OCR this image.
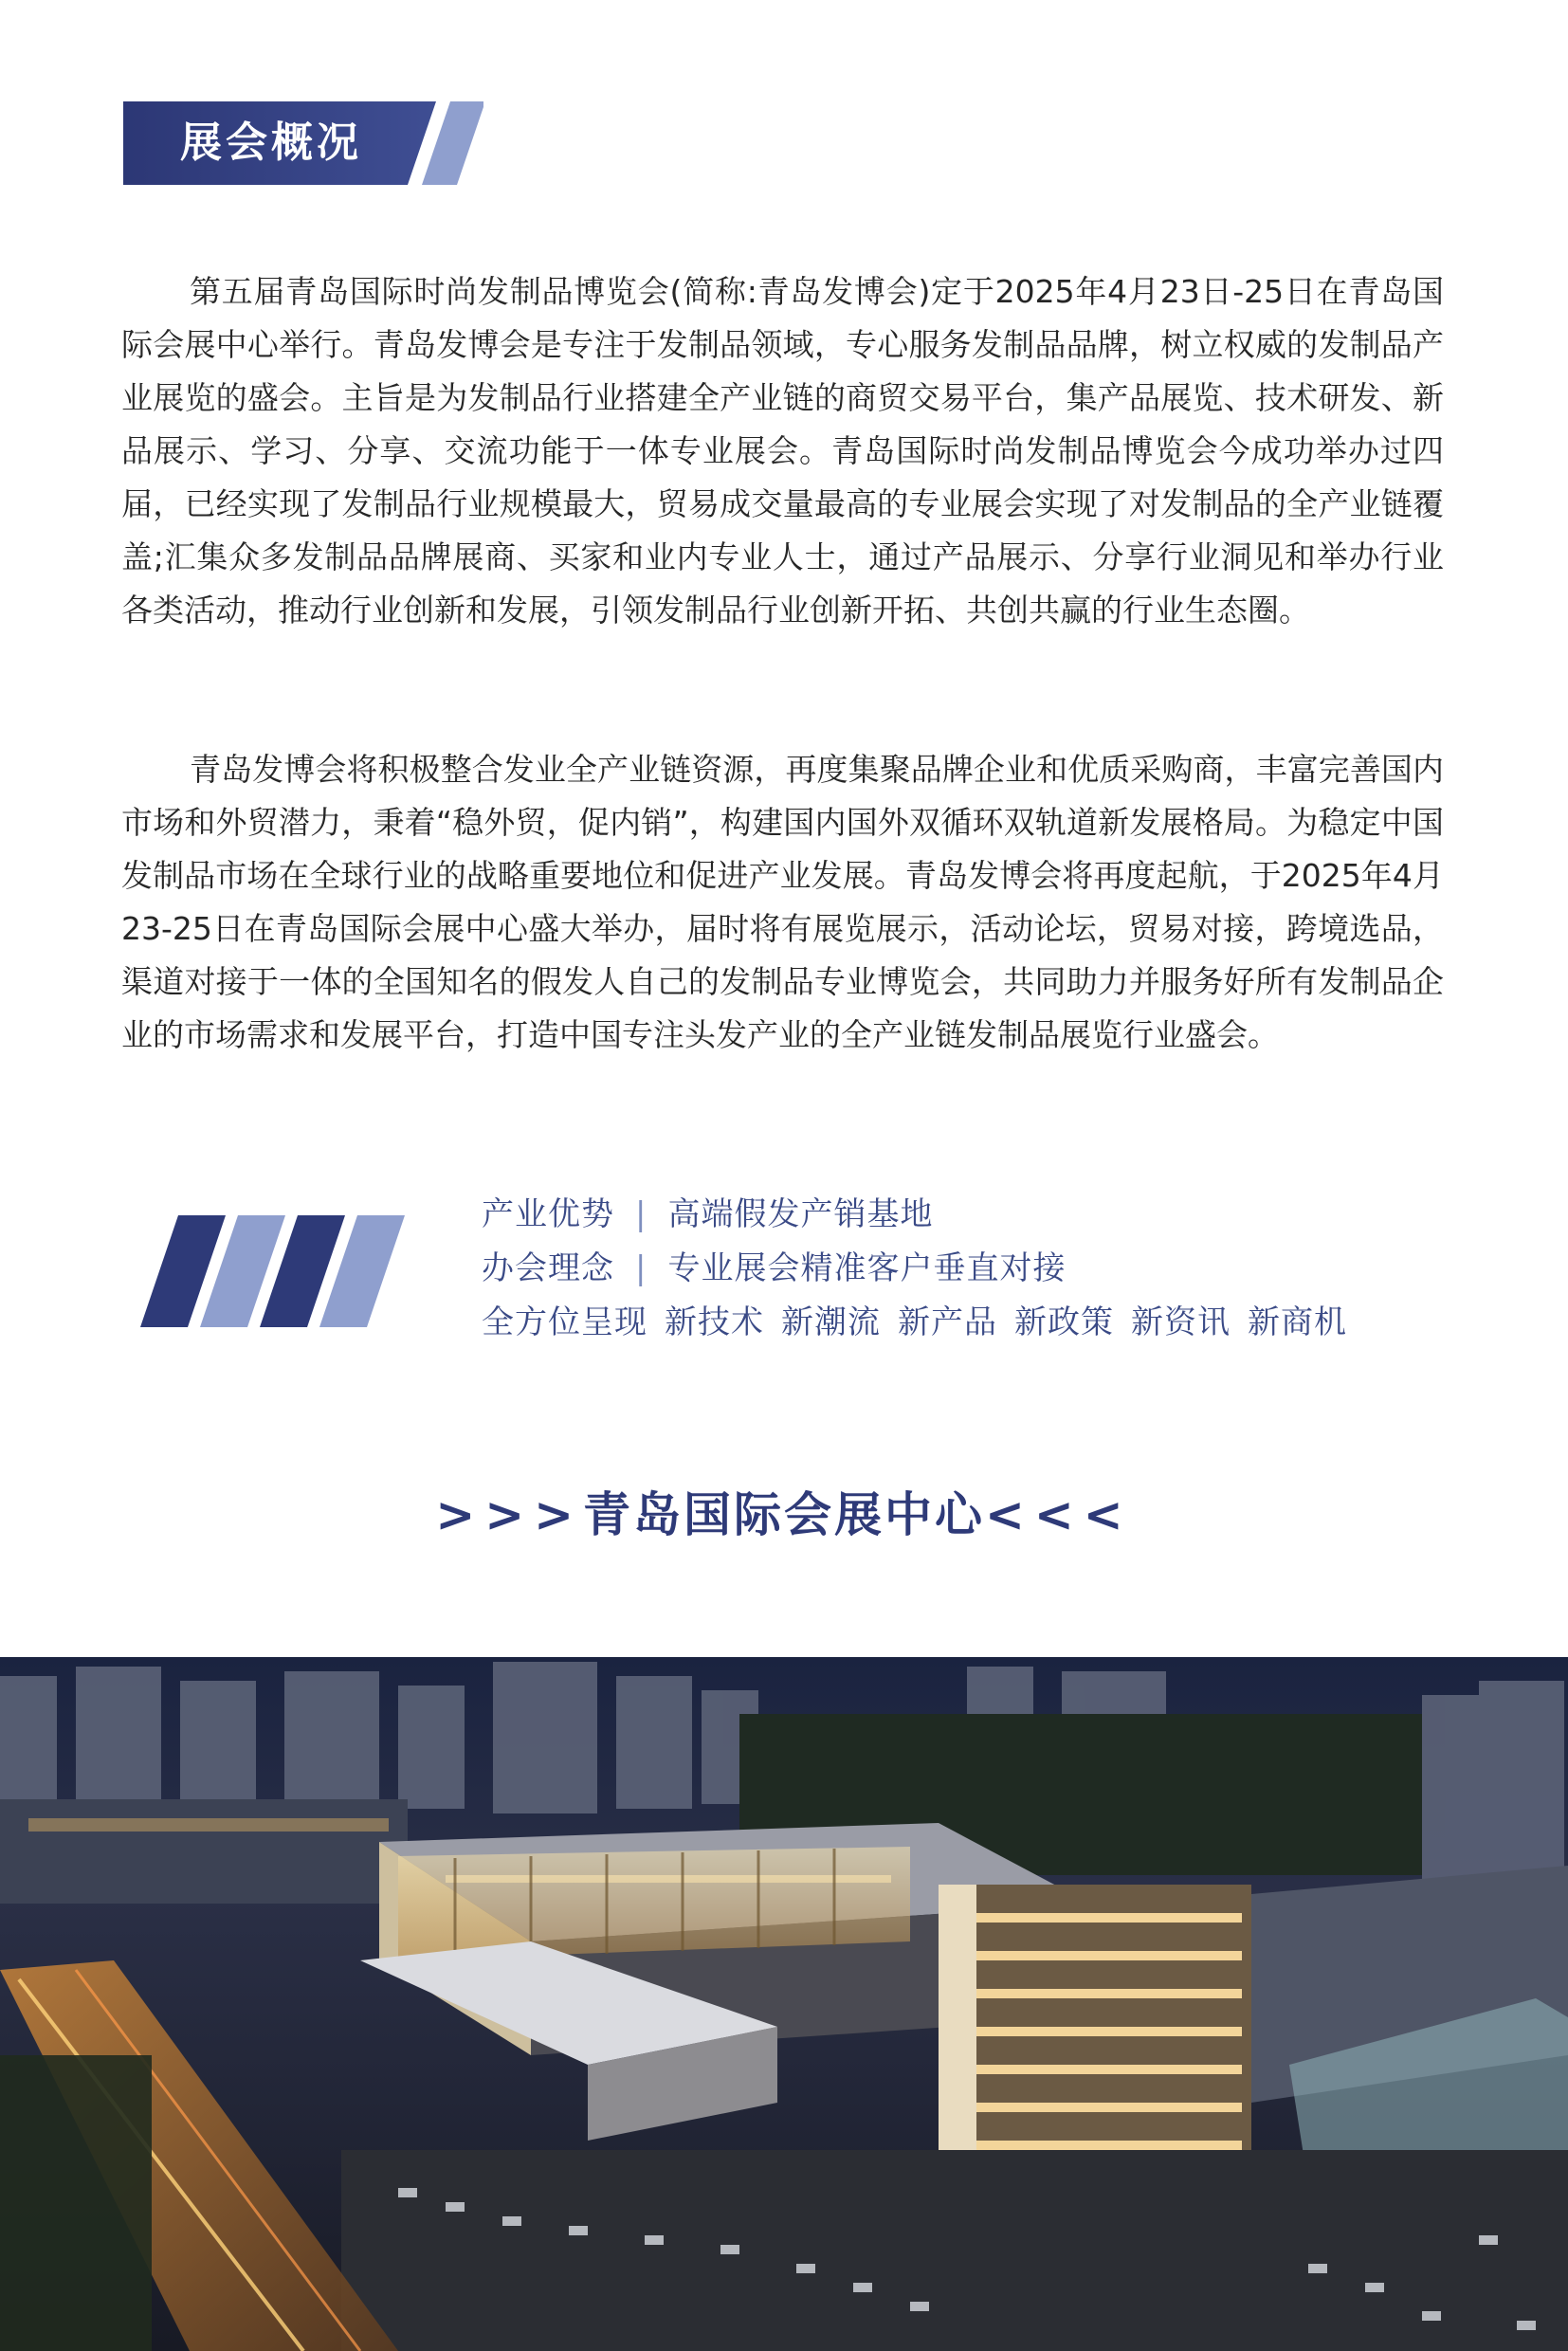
展会概况

第五届青岛国际时尚发制品博览会(简称:青岛发博会)定于2025年4月23日-25日在青岛国际会展中心举行。青岛发博会是专注于发制品领域，专心服务发制品品牌，树立权威的发制品产业展览的盛会。主旨是为发制品行业搭建全产业链的商贸交易平台，集产品展览、技术研发、新品展示、学习、分享、交流功能于一体专业展会。青岛国际时尚发制品博览会今成功举办过四届，已经实现了发制品行业规模最大，贸易成交量最高的专业展会实现了对发制品的全产业链覆盖;汇集众多发制品品牌展商、买家和业内专业人士，通过产品展示、分享行业洞见和举办行业各类活动，推动行业创新和发展，引领发制品行业创新开拓、共创共赢的行业生态圈。

青岛发博会将积极整合发业全产业链资源，再度集聚品牌企业和优质采购商，丰富完善国内市场和外贸潜力，秉着“稳外贸，促内销”，构建国内国外双循环双轨道新发展格局。为稳定中国发制品市场在全球行业的战略重要地位和促进产业发展。青岛发博会将再度起航，于2025年4月23-25日在青岛国际会展中心盛大举办，届时将有展览展示，活动论坛，贸易对接，跨境选品，渠道对接于一体的全国知名的假发人自己的发制品专业博览会，共同助力并服务好所有发制品企业的市场需求和发展平台，打造中国专注头发产业的全产业链发制品展览行业盛会。

产业优势 | 高端假发产销基地
办会理念 | 专业展会精准客户垂直对接
全方位呈现 新技术 新潮流 新产品 新政策 新资讯 新商机
>>>青岛国际会展中心<<<
